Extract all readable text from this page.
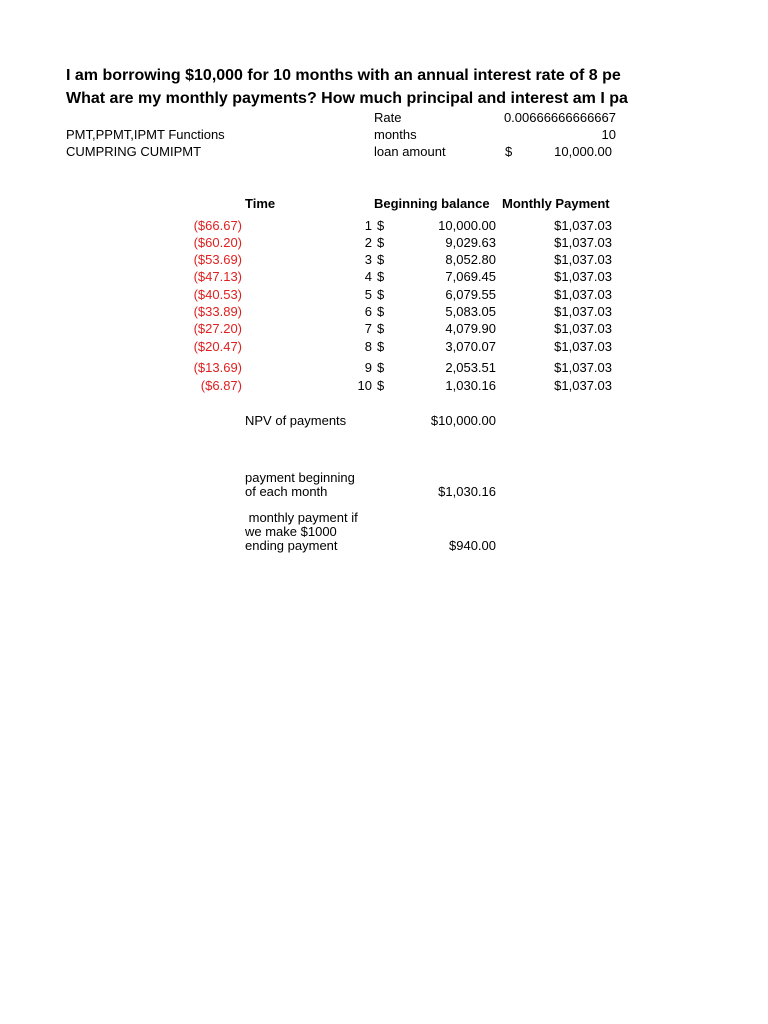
I am borrowing $10,000 for 10 months with an annual interest rate of 8 pe
What are my monthly payments? How much principal and interest am I pa
PMT,PPMT,IPMT Functions
CUMPRING CUMIPMT
Rate	0.00666666666667
months	10
loan amount	$	10,000.00
Time	Beginning balance Monthly Payment
($66.67)	1 $	10,000.00	$1,037.03
($60.20)	2 $	9,029.63	$1,037.03
($53.69)	3 $	8,052.80	$1,037.03
($47.13)	4 $	7,069.45	$1,037.03
($40.53)	5 $	6,079.55	$1,037.03
($33.89)	6 $	5,083.05	$1,037.03
($27.20)	7 $	4,079.90	$1,037.03
($20.47)	8 $	3,070.07	$1,037.03
($13.69)	9 $	2,053.51	$1,037.03
($6.87)	10 $	1,030.16	$1,037.03
NPV of payments	$10,000.00
payment beginning
of each month	$1,030.16
monthly payment if
we make $1000
ending payment	$940.00
